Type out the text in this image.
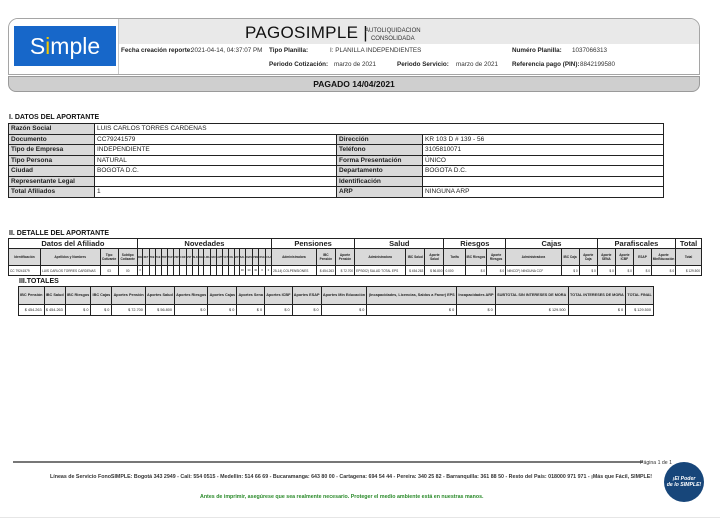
Simple	PAGOSIMPLE |
AUTOLIQUIDACION
CONSOLIDADA
Fecha creación reporte:
2021-04-14, 04:37:07 PM Tipo Planilla:	I: PLANILLA INDEPENDIENTES	Numéro Planilla: 1037066313
Periodo Cotización: marzo de 2021	Periodo Servicio: marzo de 2021 Referencia pago (PIN): 8842199580
PAGADO 14/04/2021
I. DATOS DEL APORTANTE
Razón Social	LUIS CARLOS TORRES CARDENAS		
Documento	CC79241579	Dirección	KR 103 D # 139 - 56
Tipo de Empresa	INDEPENDIENTE	Teléfono	3105810071
Tipo Persona	NATURAL	Forma Presentación	ÚNICO
Ciudad	BOGOTA D.C.	Departamento	BOGOTA D.C.
Representante Legal		Identificación	
Total Afiliados	1	ARP	NINGUNA ARP
II. DETALLE DEL APORTANTE
Datos del Afiliado				Novedades																						Pensiones			Salud			Riesgos			Cajas			Parafiscales				Total
Identificación	Apellidos y Nombres	Tipo Cotizante	Subtipo Cotizante	ING	RET	TDE	TAE	TDP	TAP	VSP	COR	VST	SLN	IGE	LMA	VAC	AVP	VCT	IRL	VIP	SAL	DIAS	PEN	RSG	CAJ	Administradora	IBC Pensión	Aporte Pensión	Administradora	IBC Salud	Aporte Salud	Tarifa	IBC Riesgos	Aporte Riesgos	Administradora	IBC Caja	Aporte Caja	Aporte SENA	Aporte ICBF	ESAP	Aporte MinEducación	Total
CC 79241579	LUIS CARLOS TORRES CARDENAS	03	00	X																	30	30	30	0	0	25-14) COLPENSIONES	$ 454.263	$ 72.700	EPS002) SALUD TOTAL EPS	$ 454.263	$ 56.800	0.000	$ 0	$ 0	NINCCF) NINGUNA CCF	$ 0	$ 0	$ 0	$ 0	$ 0	$ 0	$ 129.500
III.TOTALES
IBC Pensión	IBC Salud	IBC Riesgos	IBC Cajas	Aportes Pensión	Aportes Salud	Aportes Riesgos	Aportes Cajas	Aportes Sena	Aportes ICBF	Aportes ESAP	Aportes Min Educación	(Incapacidades, Licencias, Saldos a Favor) EPS	Incapacidades ARP	SUBTOTAL SIN INTERESES DE MORA	TOTAL INTERESES DE MORA	TOTAL FINAL
$ 454.263	$ 454.263	$ 0	$ 0	$ 72.700	$ 56.800	$ 0	$ 0	$ 0	$ 0	$ 0	$ 0	$ 0	$ 0	$ 129.500	$ 0	$ 129.500
Página 1 de 1
Líneas de Servicio FonoSIMPLE: Bogotá 343 2949 - Cali: 554 0515 - Medellín: 514 66 69 - Bucaramanga: 643 80 00 - Cartagena: 694 54 44 - Pereira: 340 25 82 - Barranquilla: 361 88 50 - Resto del País: 018000 971 971 - ¡Más que Fácil, SIMPLE!
Antes de imprimir, asegúrese que sea realmente necesario. Proteger el medio ambiente está en nuestras manos.
¡El Poder
de lo SIMPLE!
